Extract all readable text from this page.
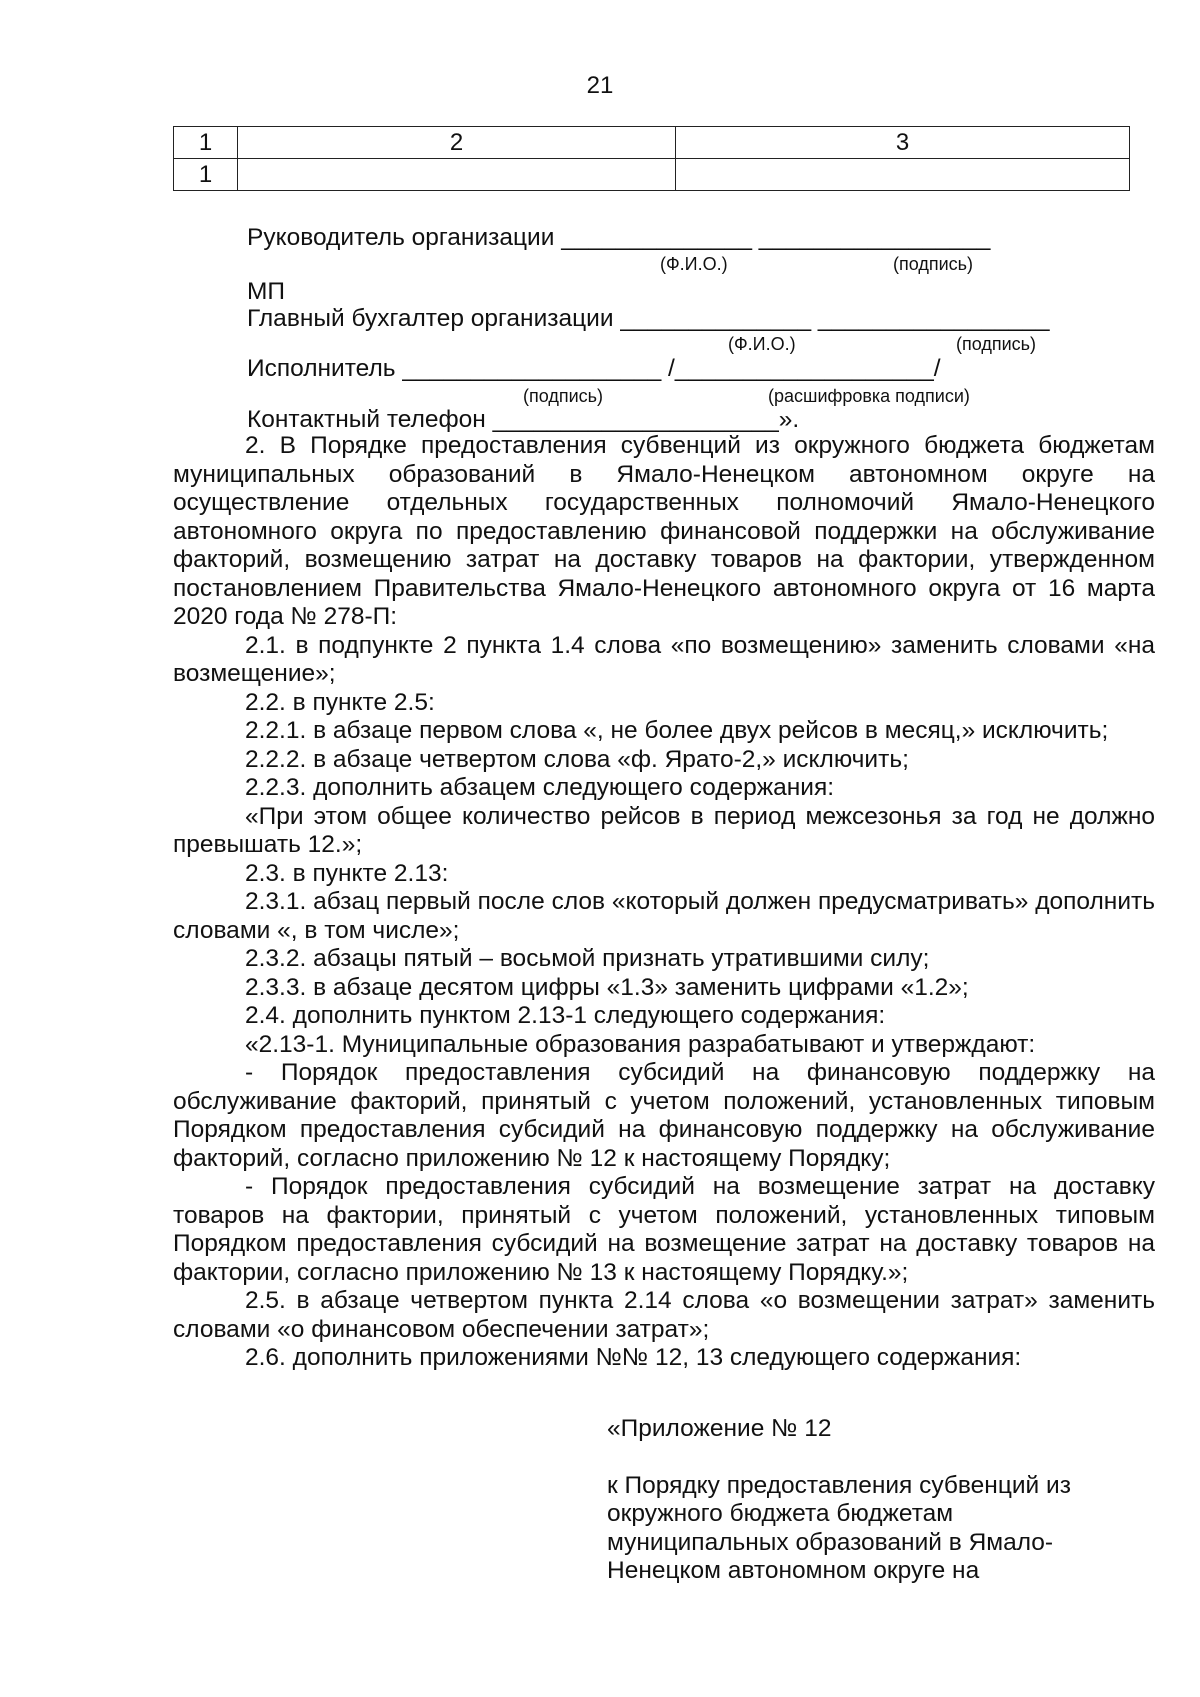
21
1	2	3
1		
Руководитель организации ______________ _________________
(Ф.И.О.)	(подпись)
МП
Главный бухгалтер организации ______________ _________________
(Ф.И.О.)	(подпись)
Исполнитель ___________________ /___________________/
(подпись)	(расшифровка подписи)
Контактный телефон _____________________».

2. В Порядке предоставления субвенций из окружного бюджета бюджетам муниципальных образований в Ямало-Ненецком автономном округе на осуществление отдельных государственных полномочий Ямало-Ненецкого автономного округа по предоставлению финансовой поддержки на обслуживание факторий, возмещению затрат на доставку товаров на фактории, утвержденном постановлением Правительства Ямало-Ненецкого автономного округа от 16 марта 2020 года № 278-П:

2.1. в подпункте 2 пункта 1.4 слова «по возмещению» заменить словами «на возмещение»;

2.2. в пункте 2.5:

2.2.1. в абзаце первом слова «, не более двух рейсов в месяц,» исключить;

2.2.2. в абзаце четвертом слова «ф. Ярато-2,» исключить;

2.2.3. дополнить абзацем следующего содержания:

«При этом общее количество рейсов в период межсезонья за год не должно превышать 12.»;

2.3. в пункте 2.13:

2.3.1. абзац первый после слов «который должен предусматривать» дополнить словами «, в том числе»;

2.3.2. абзацы пятый – восьмой признать утратившими силу;

2.3.3. в абзаце десятом цифры «1.3» заменить цифрами «1.2»;

2.4. дополнить пунктом 2.13-1 следующего содержания:

«2.13-1. Муниципальные образования разрабатывают и утверждают:

- Порядок предоставления субсидий на финансовую поддержку на обслуживание факторий, принятый с учетом положений, установленных типовым Порядком предоставления субсидий на финансовую поддержку на обслуживание факторий, согласно приложению № 12 к настоящему Порядку;

- Порядок предоставления субсидий на возмещение затрат на доставку товаров на фактории, принятый с учетом положений, установленных типовым Порядком предоставления субсидий на возмещение затрат на доставку товаров на фактории, согласно приложению № 13 к настоящему Порядку.»;

2.5. в абзаце четвертом пункта 2.14 слова «о возмещении затрат» заменить словами «о финансовом обеспечении затрат»;

2.6. дополнить приложениями №№ 12, 13 следующего содержания:

«Приложение № 12

к Порядку предоставления субвенций из

окружного бюджета бюджетам

муниципальных образований в Ямало-

Ненецком автономном округе на
